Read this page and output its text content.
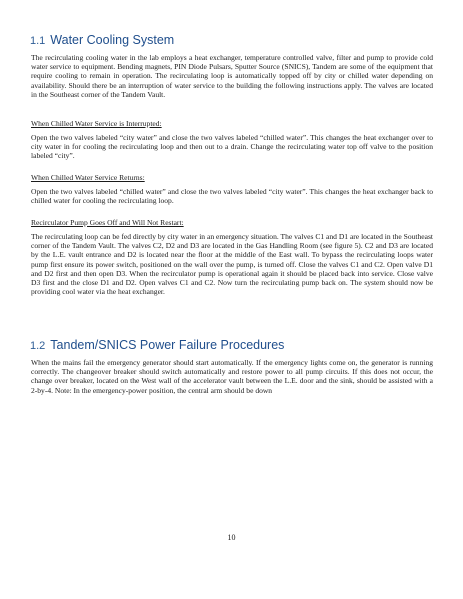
1.1 Water Cooling System
The recirculating cooling water in the lab employs a heat exchanger, temperature controlled valve, filter and pump to provide cold water service to equipment. Bending magnets, PIN Diode Pulsars, Sputter Source (SNICS), Tandem are some of the equipment that require cooling to remain in operation. The recirculating loop is automatically topped off by city or chilled water depending on availability. Should there be an interruption of water service to the building the following instructions apply. The valves are located in the Southeast corner of the Tandem Vault.
When Chilled Water Service is Interrupted:
Open the two valves labeled “city water” and close the two valves labeled “chilled water”. This changes the heat exchanger over to city water in for cooling the recirculating loop and then out to a drain. Change the recirculating water top off valve to the position labeled “city”.
When Chilled Water Service Returns:
Open the two valves labeled “chilled water” and close the two valves labeled “city water”. This changes the heat exchanger back to chilled water for cooling the recirculating loop.
Recirculator Pump Goes Off and Will Not Restart:
The recirculating loop can be fed directly by city water in an emergency situation. The valves C1 and D1 are located in the Southeast corner of the Tandem Vault. The valves C2, D2 and D3 are located in the Gas Handling Room (see figure 5). C2 and D3 are located by the L.E. vault entrance and D2 is located near the floor at the middle of the East wall. To bypass the recirculating loops water pump first ensure its power switch, positioned on the wall over the pump, is turned off. Close the valves C1 and C2. Open valve D1 and D2 first and then open D3. When the recirculator pump is operational again it should be placed back into service. Close valve D3 first and the close D1 and D2. Open valves C1 and C2. Now turn the recirculating pump back on. The system should now be providing cool water via the heat exchanger.
1.2 Tandem/SNICS Power Failure Procedures
When the mains fail the emergency generator should start automatically. If the emergency lights come on, the generator is running correctly. The changeover breaker should switch automatically and restore power to all pump circuits. If this does not occur, the change over breaker, located on the West wall of the accelerator vault between the L.E. door and the sink, should be assisted with a 2-by-4. Note: In the emergency-power position, the central arm should be down
10
